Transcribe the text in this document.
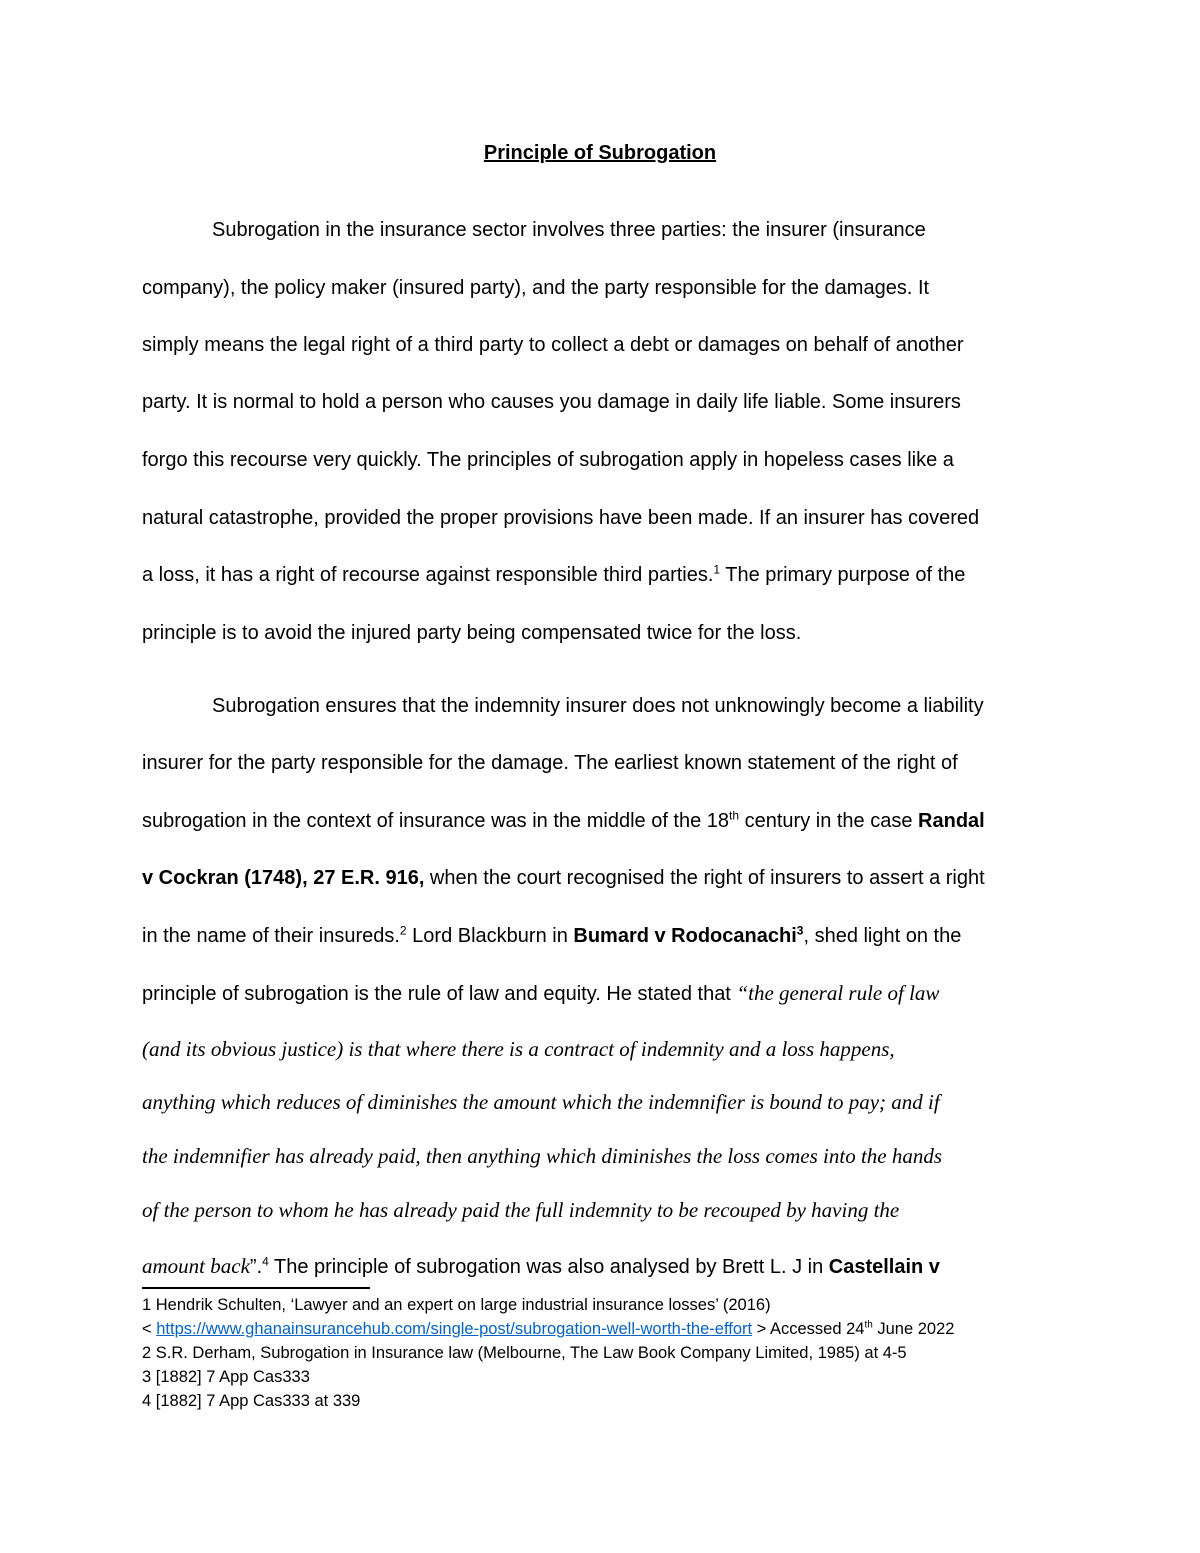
Principle of Subrogation
Subrogation in the insurance sector involves three parties: the insurer (insurance
company), the policy maker (insured party), and the party responsible for the damages. It
simply means the legal right of a third party to collect a debt or damages on behalf of another
party. It is normal to hold a person who causes you damage in daily life liable. Some insurers
forgo this recourse very quickly. The principles of subrogation apply in hopeless cases like a
natural catastrophe, provided the proper provisions have been made. If an insurer has covered
a loss, it has a right of recourse against responsible third parties.$^1$ The primary purpose of the
principle is to avoid the injured party being compensated twice for the loss.
Subrogation ensures that the indemnity insurer does not unknowingly become a liability
insurer for the party responsible for the damage. The earliest known statement of the right of
subrogation in the context of insurance was in the middle of the 18th century in the case Randal
v Cockran (1748), 27 E.R. 916, when the court recognised the right of insurers to assert a right
in the name of their insureds.$^2$ Lord Blackburn in Bumard v Rodocanachi$^3$, shed light on the
principle of subrogation is the rule of law and equity. He stated that “the general rule of law
(and its obvious justice) is that where there is a contract of indemnity and a loss happens,
anything which reduces of diminishes the amount which the indemnifier is bound to pay; and if
the indemnifier has already paid, then anything which diminishes the loss comes into the hands
of the person to whom he has already paid the full indemnity to be recouped by having the
amount back”.$^4$ The principle of subrogation was also analysed by Brett L. J in Castellain v
1 Hendrik Schulten, ‘Lawyer and an expert on large industrial insurance losses’ (2016)
< https://www.ghanainsurancehub.com/single-post/subrogation-well-worth-the-effort > Accessed 24th June 2022
2 S.R. Derham, Subrogation in Insurance law (Melbourne, The Law Book Company Limited, 1985) at 4-5
3 [1882] 7 App Cas333
4 [1882] 7 App Cas333 at 339
